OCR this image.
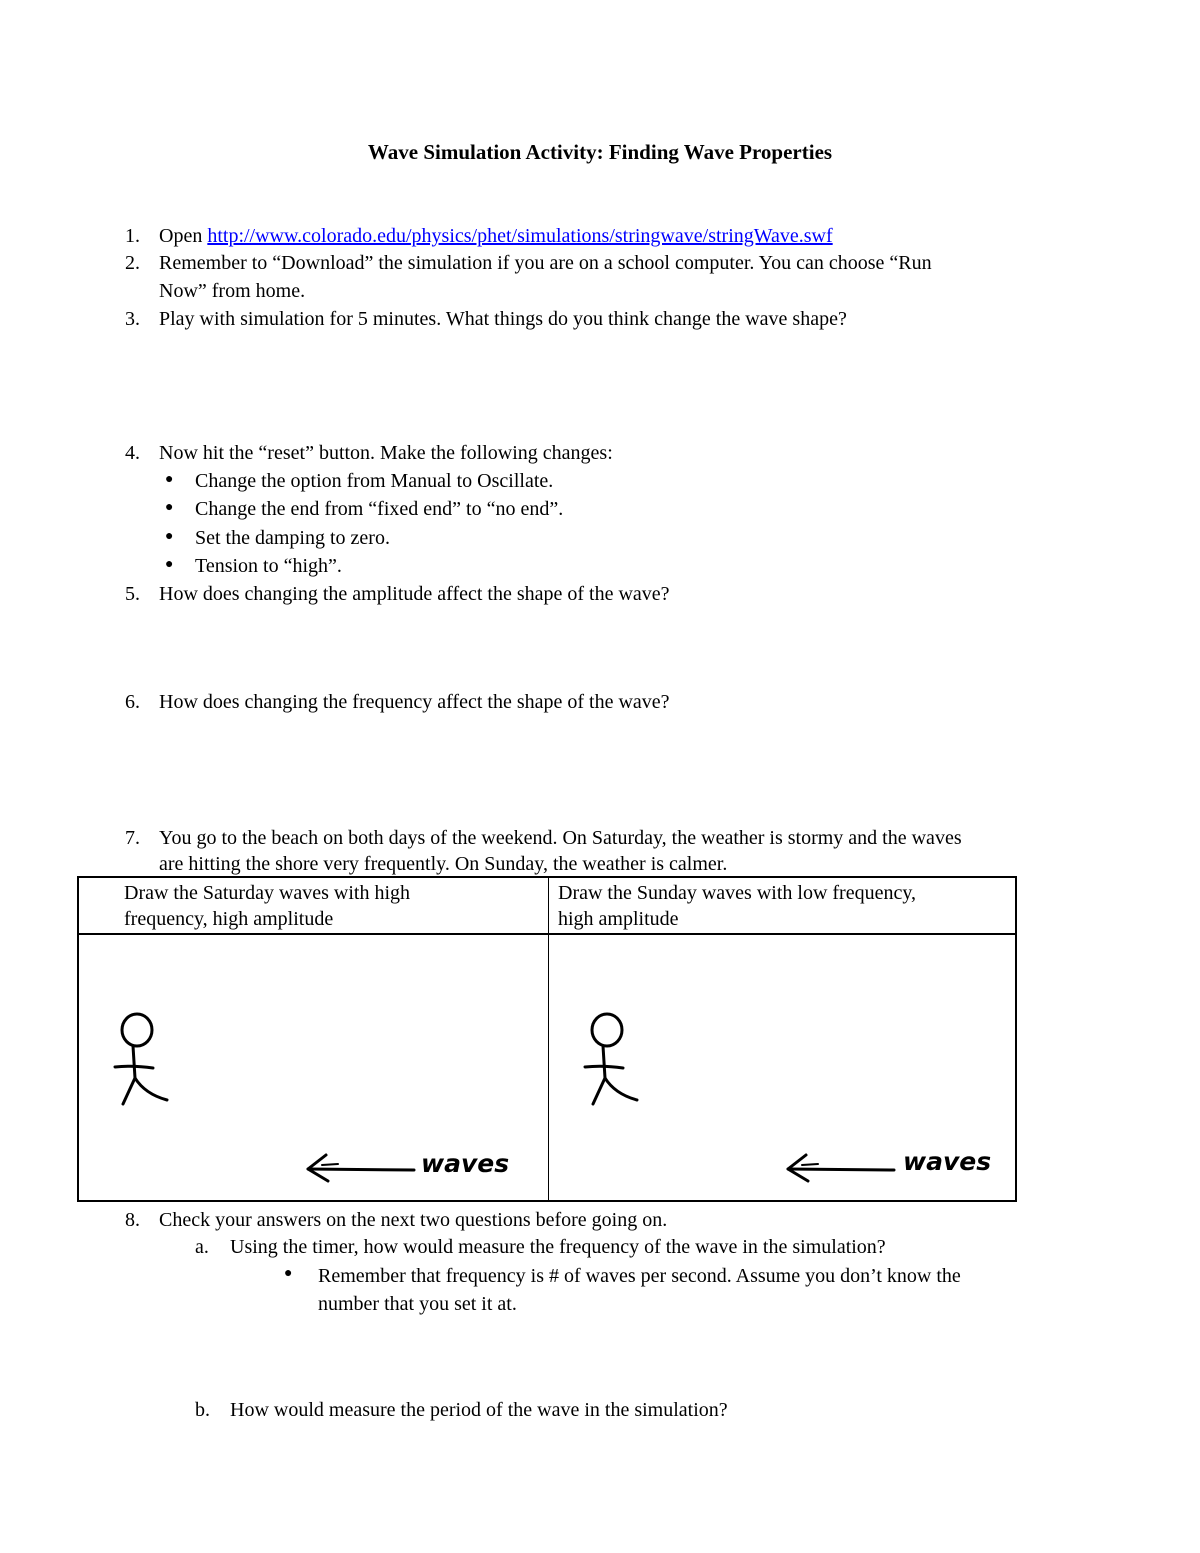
Wave Simulation Activity: Finding Wave Properties
1. Open http://www.colorado.edu/physics/phet/simulations/stringwave/stringWave.swf
2. Remember to “Download” the simulation if you are on a school computer. You can choose “Run
Now” from home.
3. Play with simulation for 5 minutes. What things do you think change the wave shape?
4. Now hit the “reset” button. Make the following changes:
● Change the option from Manual to Oscillate.
● Change the end from “fixed end” to “no end”.
● Set the damping to zero.
● Tension to “high”.
5. How does changing the amplitude affect the shape of the wave?
6. How does changing the frequency affect the shape of the wave?
7. You go to the beach on both days of the weekend. On Saturday, the weather is stormy and the waves
are hitting the shore very frequently. On Sunday, the weather is calmer.
Draw the Saturday waves with high
frequency, high amplitude
Draw the Sunday waves with low frequency,
high amplitude
waves	waves
8. Check your answers on the next two questions before going on.
a. Using the timer, how would measure the frequency of the wave in the simulation?
● Remember that frequency is # of waves per second. Assume you don’t know the
number that you set it at.
b. How would measure the period of the wave in the simulation?
